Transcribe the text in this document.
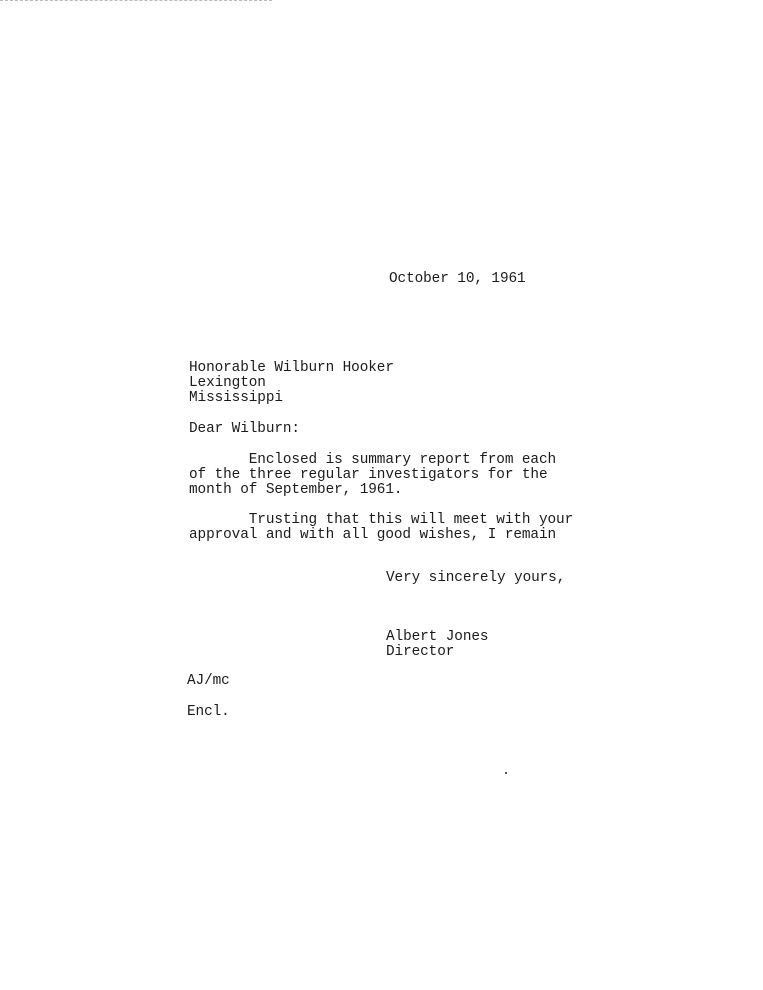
October 10, 1961
Honorable Wilburn Hooker
Lexington
Mississippi
Dear Wilburn:
Enclosed is summary report from each
of the three regular investigators for the
month of September, 1961.
Trusting that this will meet with your
approval and with all good wishes, I remain
Very sincerely yours,
Albert Jones
Director
AJ/mc
Encl.
